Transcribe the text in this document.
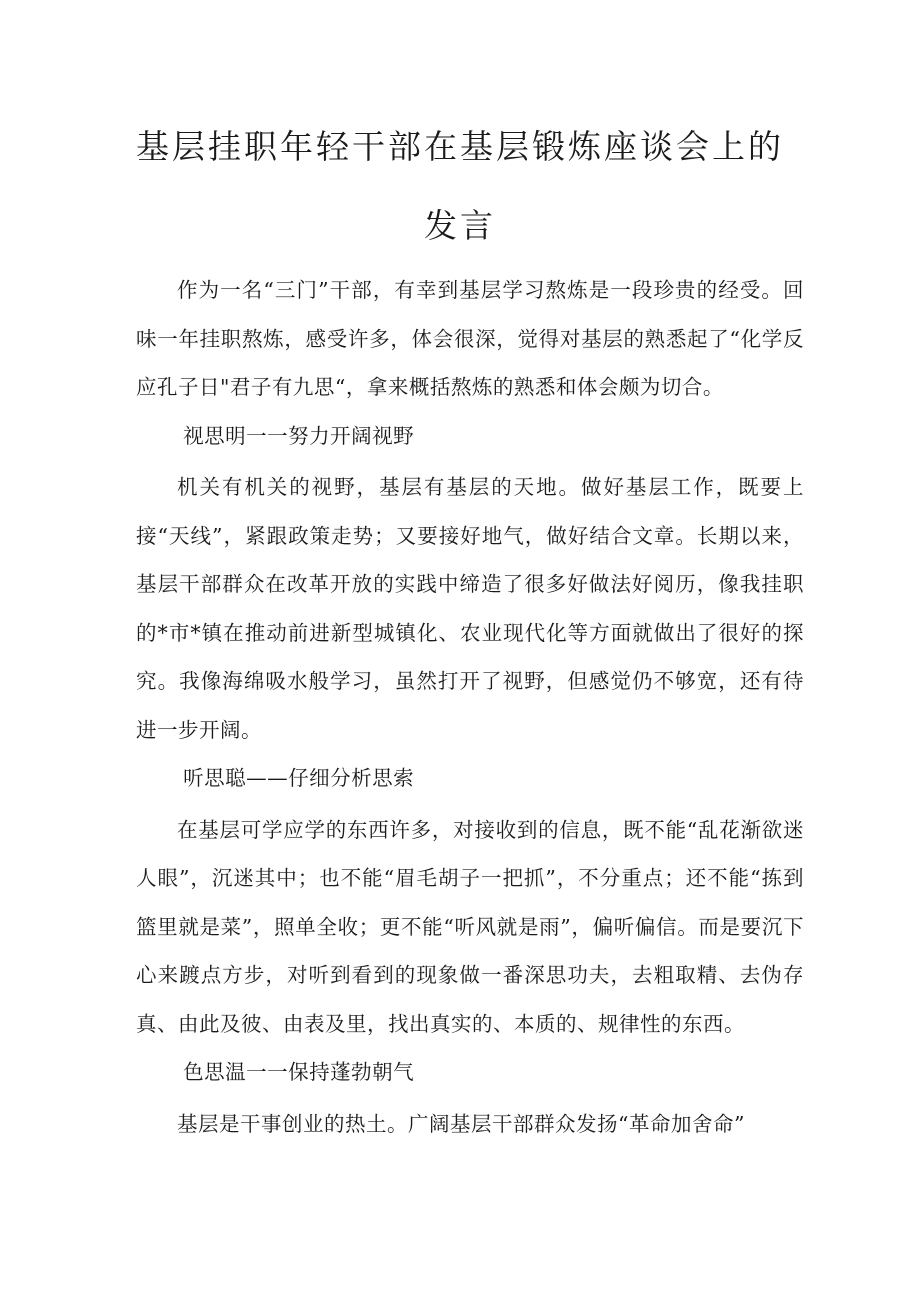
基层挂职年轻干部在基层锻炼座谈会上的
发言

作为一名“三门”干部，有幸到基层学习熬炼是一段珍贵的经受。回味一年挂职熬炼，感受许多，体会很深，觉得对基层的熟悉起了“化学反应孔子日"君子有九思“，拿来概括熬炼的熟悉和体会颇为切合。

视思明一一努力开阔视野

机关有机关的视野，基层有基层的天地。做好基层工作，既要上接“天线”，紧跟政策走势；又要接好地气，做好结合文章。长期以来，基层干部群众在改革开放的实践中缔造了很多好做法好阅历，像我挂职的*市*镇在推动前进新型城镇化、农业现代化等方面就做出了很好的探究。我像海绵吸水般学习，虽然打开了视野，但感觉仍不够宽，还有待进一步开阔。

听思聪——仔细分析思索

在基层可学应学的东西许多，对接收到的信息，既不能“乱花渐欲迷人眼”，沉迷其中；也不能“眉毛胡子一把抓”，不分重点；还不能“拣到篮里就是菜”，照单全收；更不能“听风就是雨”，偏听偏信。而是要沉下心来踱点方步，对听到看到的现象做一番深思功夫，去粗取精、去伪存真、由此及彼、由表及里，找出真实的、本质的、规律性的东西。

色思温一一保持蓬勃朝气

基层是干事创业的热土。广阔基层干部群众发扬“革命加舍命”
